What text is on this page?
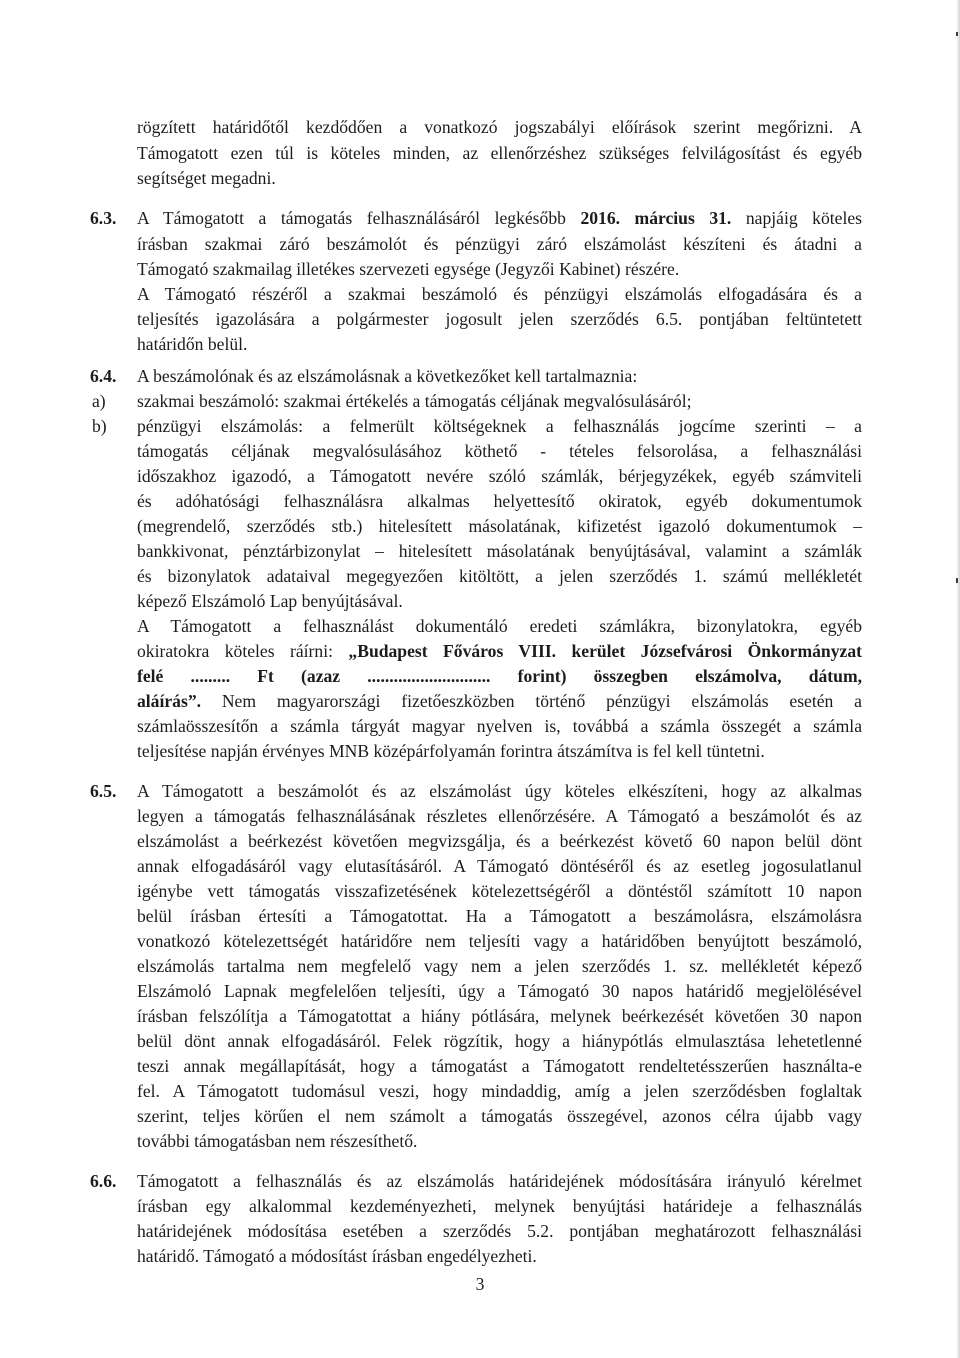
rögzített határidőtől kezdődően a vonatkozó jogszabályi előírások szerint megőrizni. A
Támogatott ezen túl is köteles minden, az ellenőrzéshez szükséges felvilágosítást és egyéb
segítséget megadni.
6.3. A Támogatott a támogatás felhasználásáról legkésőbb 2016. március 31. napjáig köteles
írásban szakmai záró beszámolót és pénzügyi záró elszámolást készíteni és átadni a
Támogató szakmailag illetékes szervezeti egysége (Jegyzői Kabinet) részére.
A Támogató részéről a szakmai beszámoló és pénzügyi elszámolás elfogadására és a
teljesítés igazolására a polgármester jogosult jelen szerződés 6.5. pontjában feltüntetett
határidőn belül.
6.4. A beszámolónak és az elszámolásnak a következőket kell tartalmaznia:
a) szakmai beszámoló: szakmai értékelés a támogatás céljának megvalósulásáról;
b) pénzügyi elszámolás: a felmerült költségeknek a felhasználás jogcíme szerinti – a
támogatás céljának megvalósulásához köthető - tételes felsorolása, a felhasználási
időszakhoz igazodó, a Támogatott nevére szóló számlák, bérjegyzékek, egyéb számviteli
és adóhatósági felhasználásra alkalmas helyettesítő okiratok, egyéb dokumentumok
(megrendelő, szerződés stb.) hitelesített másolatának, kifizetést igazoló dokumentumok –
bankkivonat, pénztárbizonylat – hitelesített másolatának benyújtásával, valamint a számlák
és bizonylatok adataival megegyezően kitöltött, a jelen szerződés 1. számú mellékletét
képező Elszámoló Lap benyújtásával.
A Támogatott a felhasználást dokumentáló eredeti számlákra, bizonylatokra, egyéb
okiratokra köteles ráírni: „Budapest Főváros VIII. kerület Józsefvárosi Önkormányzat
felé ......... Ft (azaz ............................ forint) összegben elszámolva, dátum,
aláírás”. Nem magyarországi fizetőeszközben történő pénzügyi elszámolás esetén a
számlaösszesítőn a számla tárgyát magyar nyelven is, továbbá a számla összegét a számla
teljesítése napján érvényes MNB középárfolyamán forintra átszámítva is fel kell tüntetni.
6.5. A Támogatott a beszámolót és az elszámolást úgy köteles elkészíteni, hogy az alkalmas
legyen a támogatás felhasználásának részletes ellenőrzésére. A Támogató a beszámolót és az
elszámolást a beérkezést követően megvizsgálja, és a beérkezést követő 60 napon belül dönt
annak elfogadásáról vagy elutasításáról. A Támogató döntéséről és az esetleg jogosulatlanul
igénybe vett támogatás visszafizetésének kötelezettségéről a döntéstől számított 10 napon
belül írásban értesíti a Támogatottat. Ha a Támogatott a beszámolásra, elszámolásra
vonatkozó kötelezettségét határidőre nem teljesíti vagy a határidőben benyújtott beszámoló,
elszámolás tartalma nem megfelelő vagy nem a jelen szerződés 1. sz. mellékletét képező
Elszámoló Lapnak megfelelően teljesíti, úgy a Támogató 30 napos határidő megjelölésével
írásban felszólítja a Támogatottat a hiány pótlására, melynek beérkezését követően 30 napon
belül dönt annak elfogadásáról. Felek rögzítik, hogy a hiánypótlás elmulasztása lehetetlenné
teszi annak megállapítását, hogy a támogatást a Támogatott rendeltetésszerűen használta-e
fel. A Támogatott tudomásul veszi, hogy mindaddig, amíg a jelen szerződésben foglaltak
szerint, teljes körűen el nem számolt a támogatás összegével, azonos célra újabb vagy
további támogatásban nem részesíthető.
6.6. Támogatott a felhasználás és az elszámolás határidejének módosítására irányuló kérelmet
írásban egy alkalommal kezdeményezheti, melynek benyújtási határideje a felhasználás
határidejének módosítása esetében a szerződés 5.2. pontjában meghatározott felhasználási
határidő. Támogató a módosítást írásban engedélyezheti.
3
